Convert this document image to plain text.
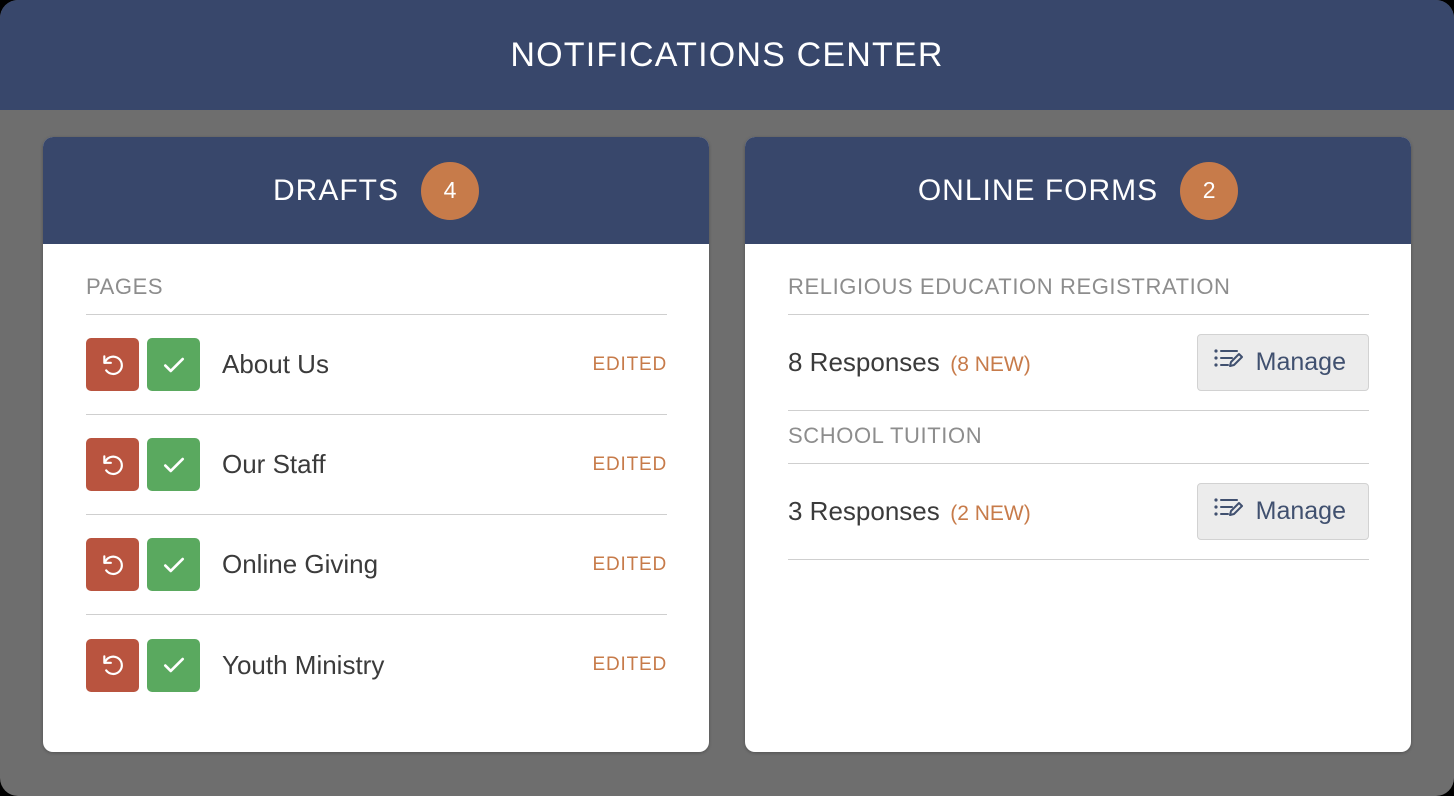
NOTIFICATIONS CENTER
DRAFTS	4
PAGES
About Us	EDITED
Our Staff	EDITED
Online Giving	EDITED
Youth Ministry	EDITED
ONLINE FORMS	2
RELIGIOUS EDUCATION REGISTRATION
8 Responses (8 NEW)	Manage
SCHOOL TUITION
3 Responses (2 NEW)	Manage
